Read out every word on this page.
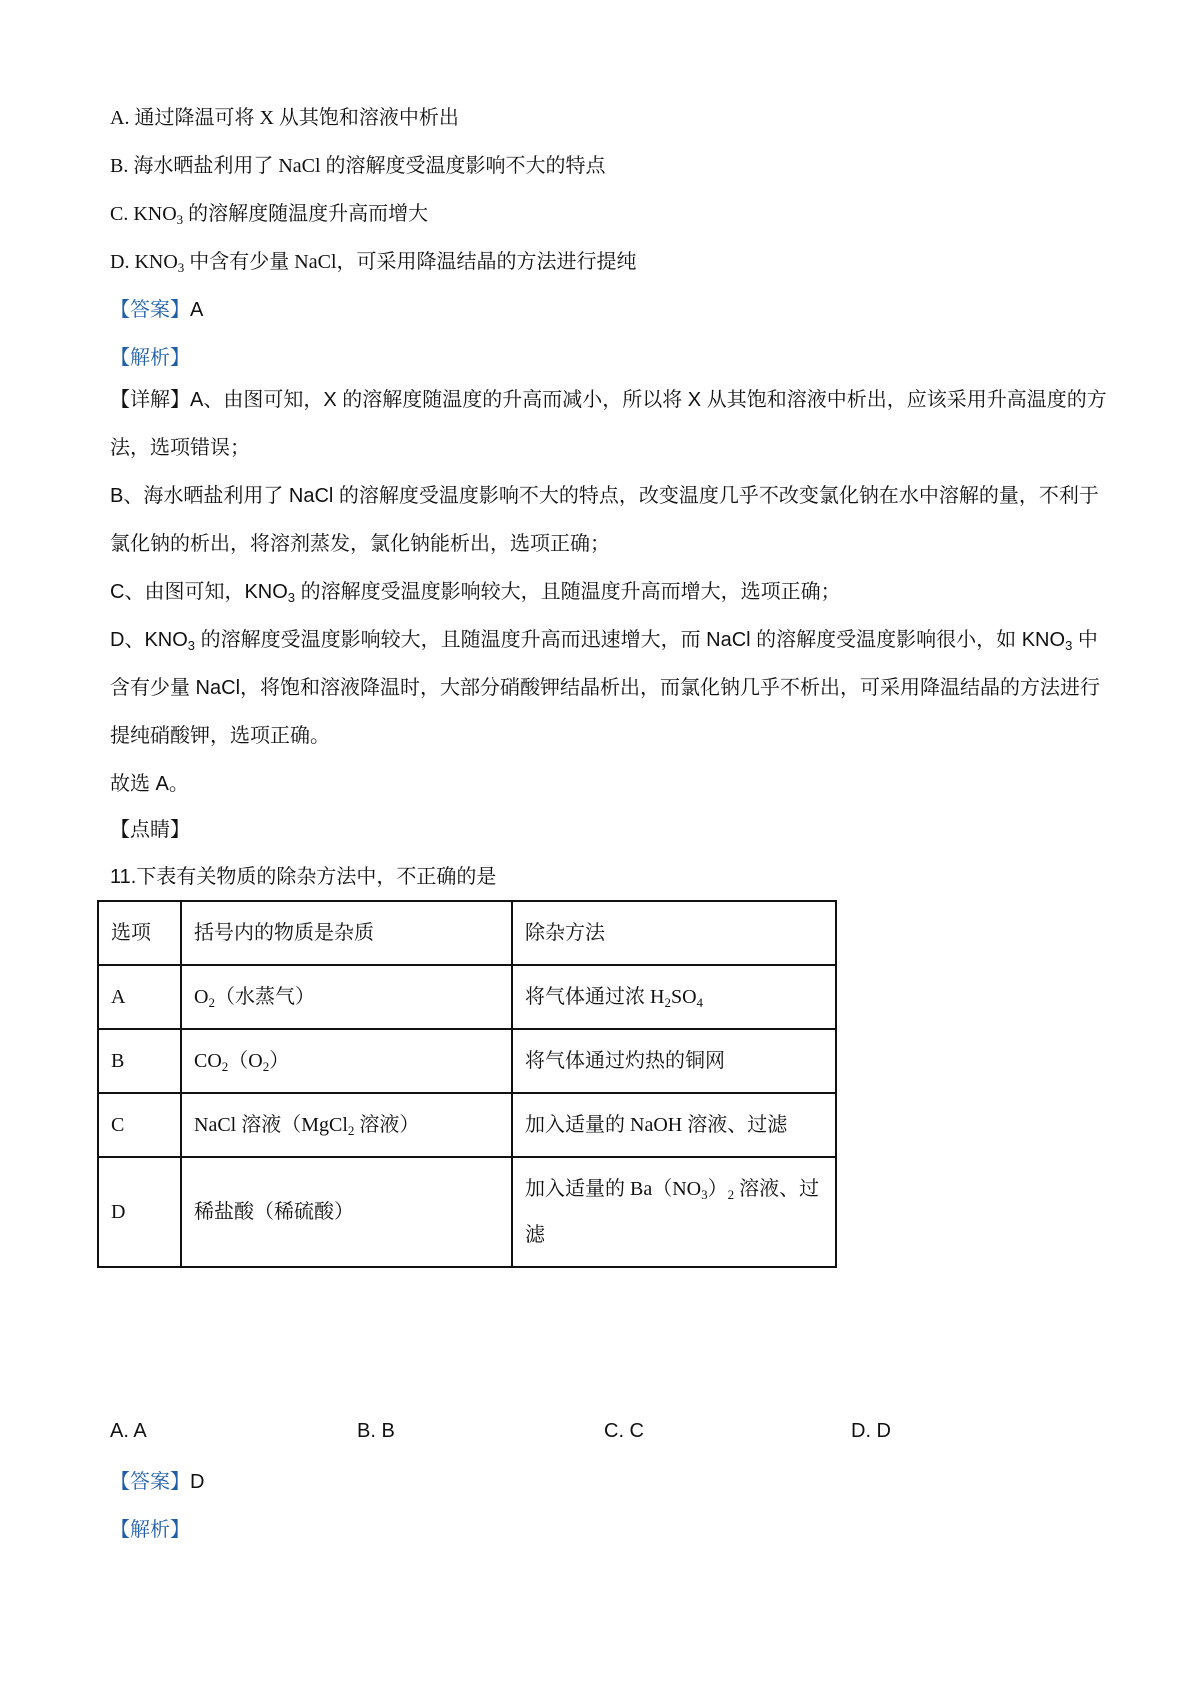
A. 通过降温可将 X 从其饱和溶液中析出
B. 海水晒盐利用了 NaCl 的溶解度受温度影响不大的特点
C. $KNO_3$ 的溶解度随温度升高而增大
D. $KNO_3$ 中含有少量 NaCl，可采用降温结晶的方法进行提纯
【答案】A
【解析】

【详解】A、由图可知，X 的溶解度随温度的升高而减小，所以将 X 从其饱和溶液中析出，应该采用升高温度的方法，选项错误；

B、海水晒盐利用了 NaCl 的溶解度受温度影响不大的特点，改变温度几乎不改变氯化钠在水中溶解的量，不利于氯化钠的析出，将溶剂蒸发，氯化钠能析出，选项正确；

C、由图可知，$KNO_3$ 的溶解度受温度影响较大，且随温度升高而增大，选项正确；

D、$KNO_3$ 的溶解度受温度影响较大，且随温度升高而迅速增大，而 NaCl 的溶解度受温度影响很小，如 $KNO_3$ 中含有少量 NaCl，将饱和溶液降温时，大部分硝酸钾结晶析出，而氯化钠几乎不析出，可采用降温结晶的方法进行提纯硝酸钾，选项正确。

故选 A。

【点睛】
11.下表有关物质的除杂方法中，不正确的是
选项	括号内的物质是杂质	除杂方法
A	$O_2$（水蒸气）	将气体通过浓 $H_2SO_4$
B	$CO_2(O_2)$	将气体通过灼热的铜网
C	NaCl 溶液（MgCl$_2$ 溶液）	加入适量的 NaOH 溶液、过滤
D	稀盐酸（稀硫酸）	加入适量的 $Ba(NO_3)_2$ 溶液、过滤
A. A	B. B	C. C	D. D
【答案】D
【解析】
